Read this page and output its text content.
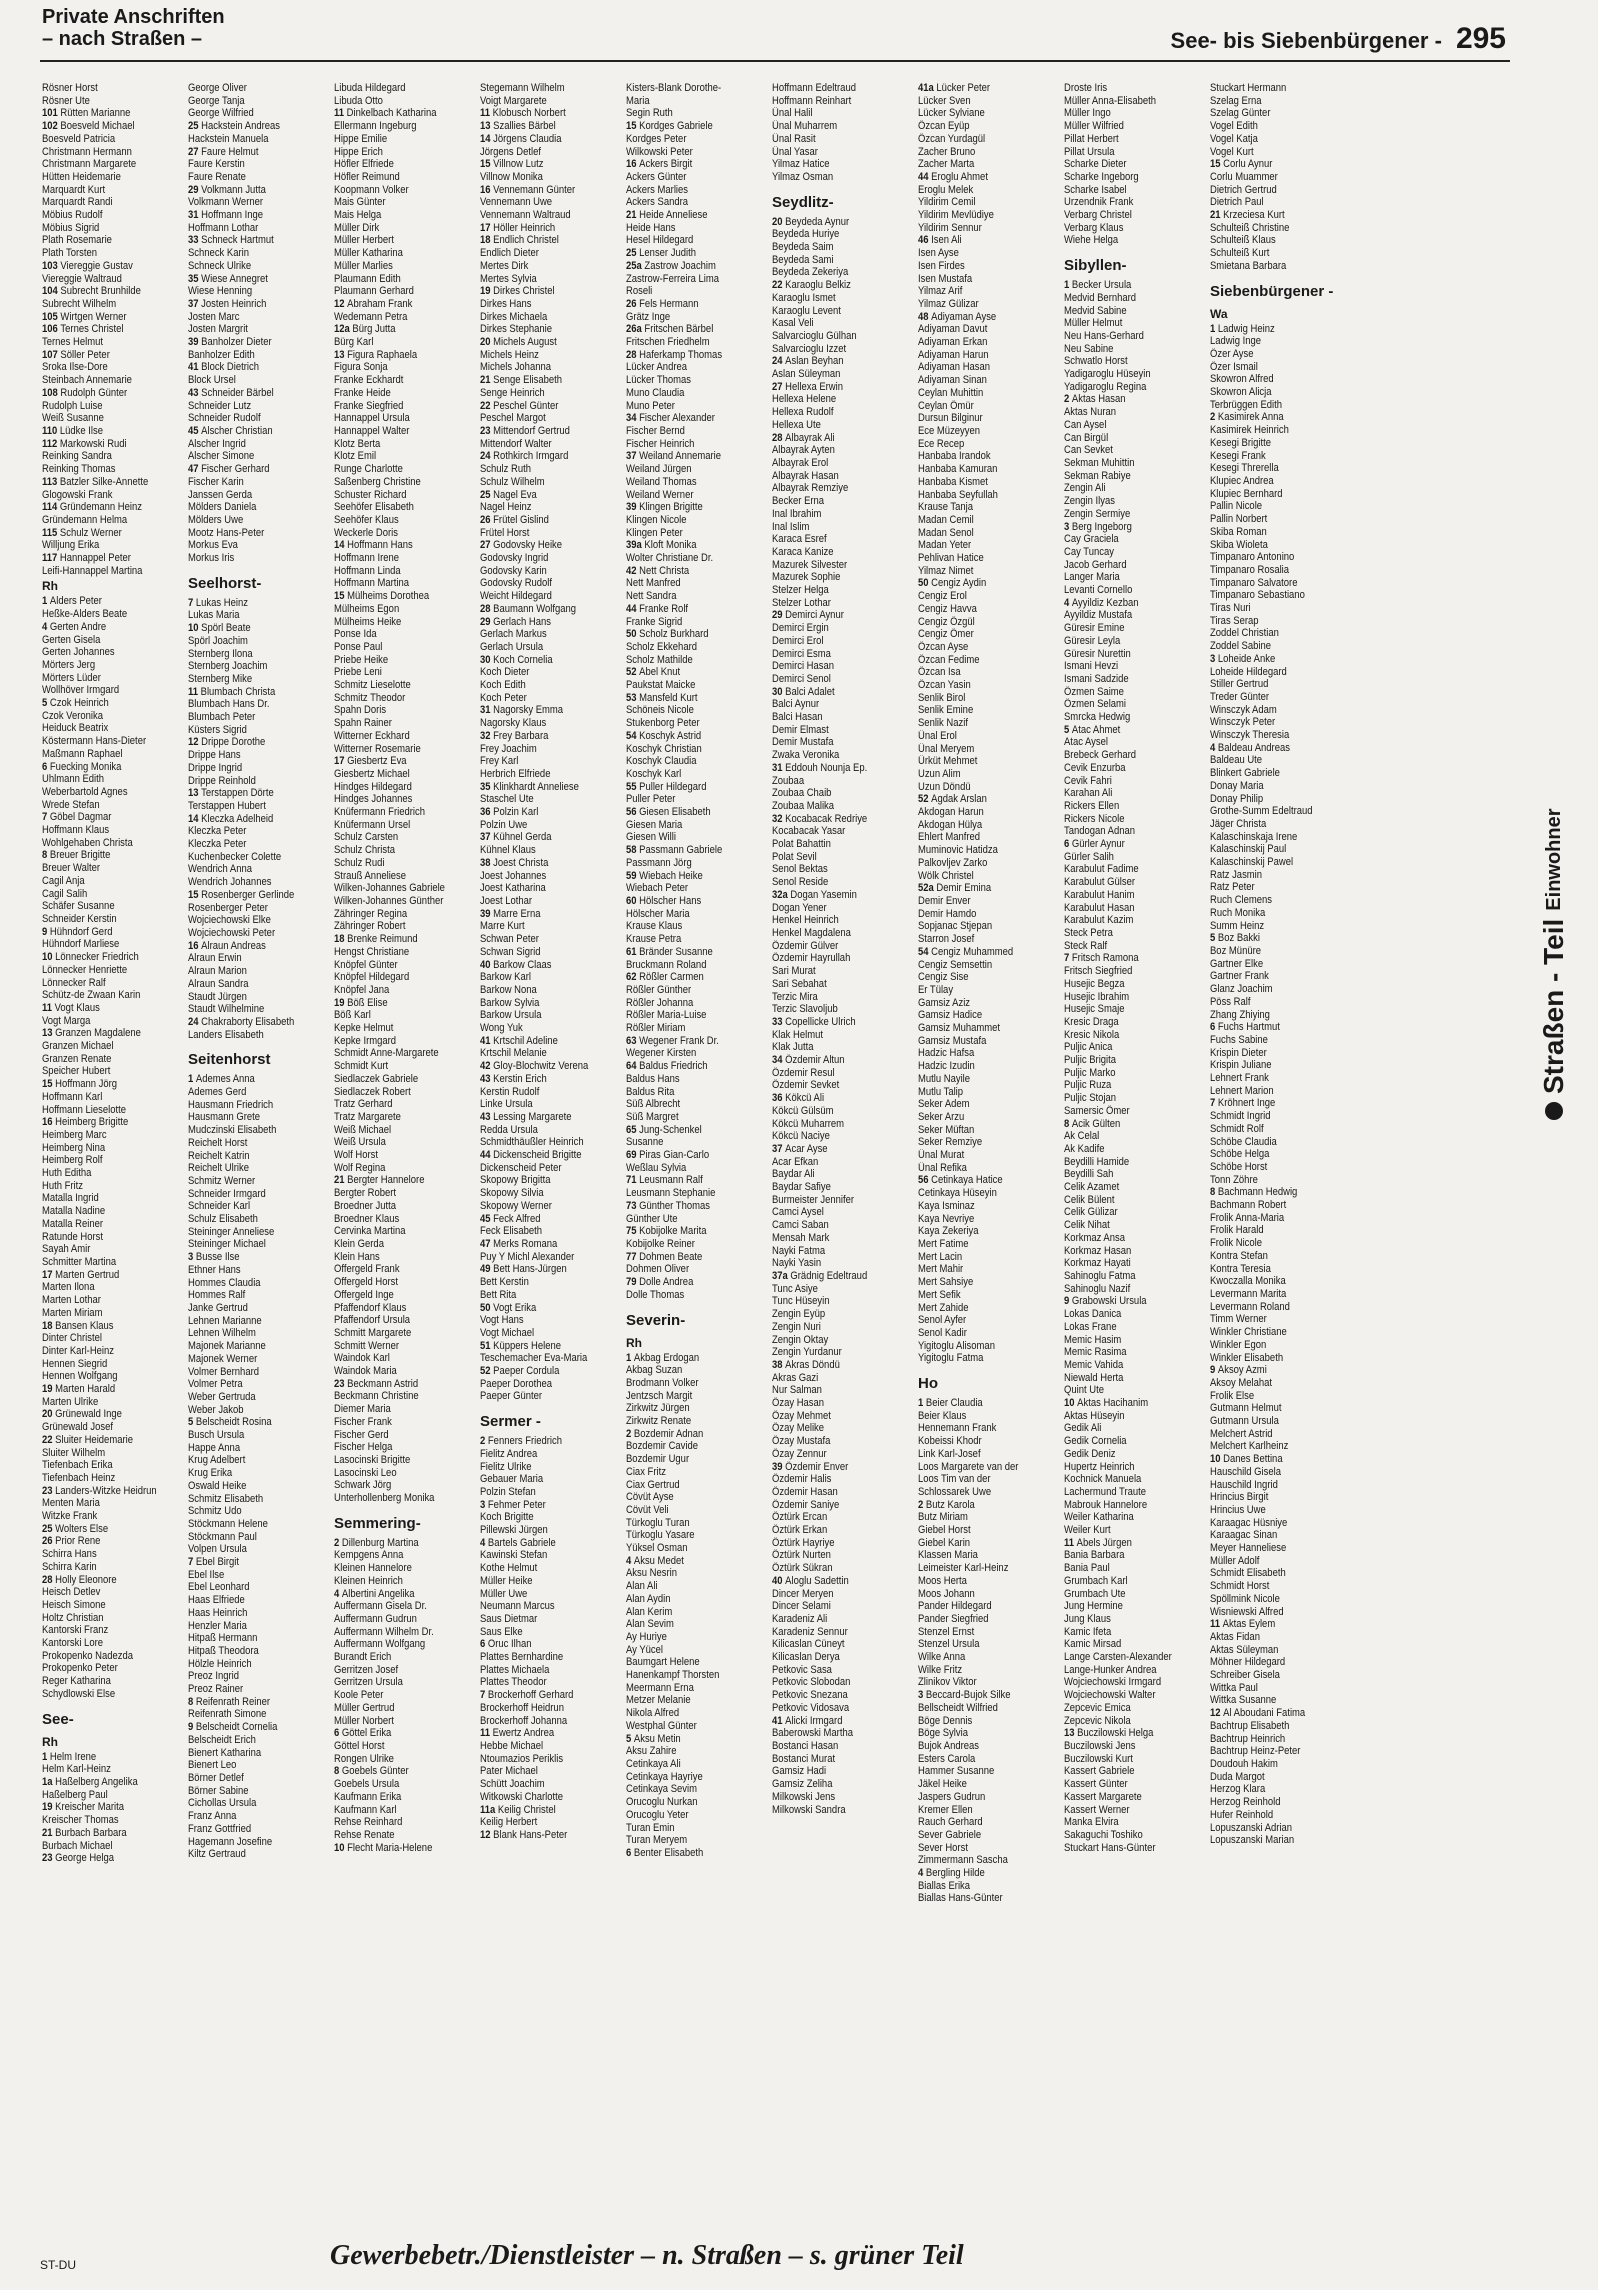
Private Anschriften
– nach Straßen –	See- bis Siebenbürgener - 295
Rösner Horst
Rösner Ute
101 Rütten Marianne
102 Boesveld Michael
Boesveld Patricia
Christmann Hermann
Christmann Margarete
Hütten Heidemarie
Marquardt Kurt
Marquardt Randi
Möbius Rudolf
Möbius Sigrid
Plath Rosemarie
Plath Torsten
103 Viereggie Gustav
Viereggie Waltraud
104 Subrecht Brunhilde
Subrecht Wilhelm
105 Wirtgen Werner
106 Ternes Christel
Ternes Helmut
107 Söller Peter
Sroka Ilse-Dore
Steinbach Annemarie
108 Rudolph Günter
Rudolph Luise
Weiß Susanne
110 Lüdke Ilse
112 Markowski Rudi
Reinking Sandra
Reinking Thomas
113 Batzler Silke-Annette
Glogowski Frank
114 Gründemann Heinz
Gründemann Helma
115 Schulz Werner
Willjung Erika
117 Hannappel Peter
Leifi-Hannappel Martina
Rh
1 Alders Peter
Heßke-Alders Beate
4 Gerten Andre
Gerten Gisela
Gerten Johannes
Mörters Jerg
Mörters Lüder
Wollhöver Irmgard
5 Czok Heinrich
Czok Veronika
Heiduck Beatrix
Köstermann Hans-Dieter
Maßmann Raphael
6 Fuecking Monika
Uhlmann Edith
Weberbartold Agnes
Wrede Stefan
7 Göbel Dagmar
Hoffmann Klaus
Wohlgehaben Christa
8 Breuer Brigitte
Breuer Walter
Cagil Anja
Cagil Salih
Schäfer Susanne
Schneider Kerstin
9 Hühndorf Gerd
Hühndorf Marliese
10 Lönnecker Friedrich
Lönnecker Henriette
Lönnecker Ralf
Schütz-de Zwaan Karin
11 Vogt Klaus
Vogt Marga
13 Granzen Magdalene
Granzen Michael
Granzen Renate
Speicher Hubert
15 Hoffmann Jörg
Hoffmann Karl
Hoffmann Lieselotte
16 Heimberg Brigitte
Heimberg Marc
Heimberg Nina
Heimberg Rolf
Huth Editha
Huth Fritz
Matalla Ingrid
Matalla Nadine
Matalla Reiner
Ratunde Horst
Sayah Amir
Schmitter Martina
17 Marten Gertrud
Marten Ilona
Marten Lothar
Marten Miriam
18 Bansen Klaus
Dinter Christel
Dinter Karl-Heinz
Hennen Siegrid
Hennen Wolfgang
19 Marten Harald
Marten Ulrike
20 Grünewald Inge
Grünewald Josef
22 Sluiter Heidemarie
Sluiter Wilhelm
Tiefenbach Erika
Tiefenbach Heinz
23 Landers-Witzke Heidrun
Menten Maria
Witzke Frank
25 Wolters Else
26 Prior Rene
Schirra Hans
Schirra Karin
28 Holly Eleonore
Heisch Detlev
Heisch Simone
Holtz Christian
Kantorski Franz
Kantorski Lore
Prokopenko Nadezda
Prokopenko Peter
Reger Katharina
Schydlowski Else
See-
Rh
1 Helm Irene
Helm Karl-Heinz
1a Haßelberg Angelika
Haßelberg Paul
19 Kreischer Marita
Kreischer Thomas
21 Burbach Barbara
Burbach Michael
23 George Helga
George Oliver
George Tanja
George Wilfried
25 Hackstein Andreas
Hackstein Manuela
27 Faure Helmut
Faure Kerstin
Faure Renate
29 Volkmann Jutta
Volkmann Werner
31 Hoffmann Inge
Hoffmann Lothar
33 Schneck Hartmut
Schneck Karin
Schneck Ulrike
35 Wiese Annegret
Wiese Henning
37 Josten Heinrich
Josten Marc
Josten Margrit
39 Banholzer Dieter
Banholzer Edith
41 Block Dietrich
Block Ursel
43 Schneider Bärbel
Schneider Lutz
Schneider Rudolf
45 Alscher Christian
Alscher Ingrid
Alscher Simone
47 Fischer Gerhard
Fischer Karin
Janssen Gerda
Mölders Daniela
Mölders Uwe
Mootz Hans-Peter
Morkus Eva
Morkus Iris
Seelhorst-
7 Lukas Heinz
Lukas Maria
10 Spörl Beate
Spörl Joachim
Sternberg Ilona
Sternberg Joachim
Sternberg Mike
11 Blumbach Christa
Blumbach Hans Dr.
Blumbach Peter
Küsters Sigrid
12 Drippe Dorothe
Drippe Hans
Drippe Ingrid
Drippe Reinhold
13 Terstappen Dörte
Terstappen Hubert
14 Kleczka Adelheid
Kleczka Peter
Kleczka Peter
Kuchenbecker Colette
Wendrich Anna
Wendrich Johannes
15 Rosenberger Gerlinde
Rosenberger Peter
Wojciechowski Elke
Wojciechowski Peter
16 Alraun Andreas
Alraun Erwin
Alraun Marion
Alraun Sandra
Staudt Jürgen
Staudt Wilhelmine
24 Chakraborty Elisabeth
Landers Elisabeth
Seitenhorst
1 Ademes Anna
Ademes Gerd
Hausmann Friedrich
Hausmann Grete
Mudczinski Elisabeth
Reichelt Horst
Reichelt Katrin
Reichelt Ulrike
Schmitz Werner
Schneider Irmgard
Schneider Karl
Schulz Elisabeth
Steininger Anneliese
Steininger Michael
3 Busse Ilse
Ethner Hans
Hommes Claudia
Hommes Ralf
Janke Gertrud
Lehnen Marianne
Lehnen Wilhelm
Majonek Marianne
Majonek Werner
Volmer Bernhard
Volmer Petra
Weber Gertruda
Weber Jakob
5 Belscheidt Rosina
Busch Ursula
Happe Anna
Krug Adelbert
Krug Erika
Oswald Heike
Schmitz Elisabeth
Schmitz Udo
Stöckmann Helene
Stöckmann Paul
Volpen Ursula
7 Ebel Birgit
Ebel Ilse
Ebel Leonhard
Haas Elfriede
Haas Heinrich
Henzler Maria
Hitpaß Hermann
Hitpaß Theodora
Hölzle Heinrich
Preoz Ingrid
Preoz Rainer
8 Reifenrath Reiner
Reifenrath Simone
9 Belscheidt Cornelia
Belscheidt Erich
Bienert Katharina
Bienert Leo
Börner Detlef
Börner Sabine
Cichollas Ursula
Franz Anna
Franz Gottfried
Hagemann Josefine
Kiltz Gertraud
Libuda Hildegard
Libuda Otto
11 Dinkelbach Katharina
Ellermann Ingeburg
Hippe Emilie
Hippe Erich
Höfler Elfriede
Höfler Reimund
Koopmann Volker
Mais Günter
Mais Helga
Müller Dirk
Müller Herbert
Müller Katharina
Müller Marlies
Plaumann Edith
Plaumann Gerhard
12 Abraham Frank
Wedemann Petra
12a Bürg Jutta
Bürg Karl
13 Figura Raphaela
Figura Sonja
Franke Eckhardt
Franke Heide
Franke Siegfried
Hannappel Ursula
Hannappel Walter
Klotz Berta
Klotz Emil
Runge Charlotte
Saßenberg Christine
Schuster Richard
Seehöfer Elisabeth
Seehöfer Klaus
Weckerle Doris
14 Hoffmann Hans
Hoffmann Irene
Hoffmann Linda
Hoffmann Martina
15 Mülheims Dorothea
Mülheims Egon
Mülheims Heike
Ponse Ida
Ponse Paul
Priebe Heike
Priebe Leni
Schmitz Lieselotte
Schmitz Theodor
Spahn Doris
Spahn Rainer
Witterner Eckhard
Witterner Rosemarie
17 Giesbertz Eva
Giesbertz Michael
Hindges Hildegard
Hindges Johannes
Knüfermann Friedrich
Knüfermann Ursel
Schulz Carsten
Schulz Christa
Schulz Rudi
Strauß Anneliese
Wilken-Johannes Gabriele
Wilken-Johannes Günther
Zähringer Regina
Zähringer Robert
18 Brenke Reimund
Hengst Christiane
Knöpfel Günter
Knöpfel Hildegard
Knöpfel Jana
19 Böß Elise
Böß Karl
Kepke Helmut
Kepke Irmgard
Schmidt Anne-Margarete
Schmidt Kurt
Siedlaczek Gabriele
Siedlaczek Robert
Tratz Gerhard
Tratz Margarete
Weiß Michael
Weiß Ursula
Wolf Horst
Wolf Regina
21 Bergter Hannelore
Bergter Robert
Broedner Jutta
Broedner Klaus
Cervinka Martina
Klein Gerda
Klein Hans
Offergeld Frank
Offergeld Horst
Offergeld Inge
Pfaffendorf Klaus
Pfaffendorf Ursula
Schmitt Margarete
Schmitt Werner
Waindok Karl
Waindok Maria
23 Beckmann Astrid
Beckmann Christine
Diemer Maria
Fischer Frank
Fischer Gerd
Fischer Helga
Lasocinski Brigitte
Lasocinski Leo
Schwark Jörg
Unterhollenberg Monika
Semmering-
2 Dillenburg Martina
Kempgens Anna
Kleinen Hannelore
Kleinen Heinrich
4 Albertini Angelika
Auffermann Gisela Dr.
Auffermann Gudrun
Auffermann Wilhelm Dr.
Auffermann Wolfgang
Burandt Erich
Gerritzen Josef
Gerritzen Ursula
Koole Peter
Müller Gertrud
Müller Norbert
6 Göttel Erika
Göttel Horst
Rongen Ulrike
8 Goebels Günter
Goebels Ursula
Kaufmann Erika
Kaufmann Karl
Rehse Reinhard
Rehse Renate
10 Flecht Maria-Helene
Stegemann Wilhelm
Voigt Margarete
11 Klobusch Norbert
13 Szallies Bärbel
14 Jörgens Claudia
Jörgens Detlef
15 Villnow Lutz
Villnow Monika
16 Vennemann Günter
Vennemann Uwe
Vennemann Waltraud
17 Höller Heinrich
18 Endlich Christel
Endlich Dieter
Mertes Dirk
Mertes Sylvia
19 Dirkes Christel
Dirkes Hans
Dirkes Michaela
Dirkes Stephanie
20 Michels August
Michels Heinz
Michels Johanna
21 Senge Elisabeth
Senge Heinrich
22 Peschel Günter
Peschel Margot
23 Mittendorf Gertrud
Mittendorf Walter
24 Rothkirch Irmgard
Schulz Ruth
Schulz Wilhelm
25 Nagel Eva
Nagel Heinz
26 Frütel Gislind
Frütel Horst
27 Godovsky Heike
Godovsky Ingrid
Godovsky Karin
Godovsky Rudolf
Weicht Hildegard
28 Baumann Wolfgang
29 Gerlach Hans
Gerlach Markus
Gerlach Ursula
30 Koch Cornelia
Koch Dieter
Koch Edith
Koch Peter
31 Nagorsky Emma
Nagorsky Klaus
32 Frey Barbara
Frey Joachim
Frey Karl
Herbrich Elfriede
35 Klinkhardt Anneliese
Staschel Ute
36 Polzin Karl
Polzin Uwe
37 Kühnel Gerda
Kühnel Klaus
38 Joest Christa
Joest Johannes
Joest Katharina
Joest Lothar
39 Marre Erna
Marre Kurt
Schwan Peter
Schwan Sigrid
40 Barkow Claas
Barkow Karl
Barkow Nona
Barkow Sylvia
Barkow Ursula
Wong Yuk
41 Krtschil Adeline
Krtschil Melanie
42 Gloy-Blochwitz Verena
43 Kerstin Erich
Kerstin Rudolf
Linke Ursula
43 Lessing Margarete
Redda Ursula
Schmidthäußler Heinrich
44 Dickenscheid Brigitte
Dickenscheid Peter
Skopowy Brigitta
Skopowy Silvia
Skopowy Werner
45 Feck Alfred
Feck Elisabeth
47 Merks Romana
Puy Y Michl Alexander
49 Bett Hans-Jürgen
Bett Kerstin
Bett Rita
50 Vogt Erika
Vogt Hans
Vogt Michael
51 Küppers Helene
Teschemacher Eva-Maria
52 Paeper Cordula
Paeper Dorothea
Paeper Günter
Sermer -
2 Fenners Friedrich
Fielitz Andrea
Fielitz Ulrike
Gebauer Maria
Polzin Stefan
3 Fehmer Peter
Koch Brigitte
Pillewski Jürgen
4 Bartels Gabriele
Kawinski Stefan
Kothe Helmut
Müller Heike
Müller Uwe
Neumann Marcus
Saus Dietmar
Saus Elke
6 Oruc Ilhan
Plattes Bernhardine
Plattes Michaela
Plattes Theodor
7 Brockerhoff Gerhard
Brockerhoff Heidrun
Brockerhoff Johanna
11 Ewertz Andrea
Hebbe Michael
Ntoumazios Periklis
Pater Michael
Schütt Joachim
Witkowski Charlotte
11a Keilig Christel
Keilig Herbert
12 Blank Hans-Peter
Kisters-Blank Dorothe-
Maria
Segin Ruth
15 Kordges Gabriele
Kordges Peter
Wilkowski Peter
16 Ackers Birgit
Ackers Günter
Ackers Marlies
Ackers Sandra
21 Heide Anneliese
Heide Hans
Hesel Hildegard
25 Lenser Judith
25a Zastrow Joachim
Zastrow-Ferreira Lima
Roseli
26 Fels Hermann
Grätz Inge
26a Fritschen Bärbel
Fritschen Friedhelm
28 Haferkamp Thomas
Lücker Andrea
Lücker Thomas
Muno Claudia
Muno Peter
34 Fischer Alexander
Fischer Bernd
Fischer Heinrich
37 Weiland Annemarie
Weiland Jürgen
Weiland Thomas
Weiland Werner
39 Klingen Brigitte
Klingen Nicole
Klingen Peter
39a Kloft Monika
Wolter Christiane Dr.
42 Nett Christa
Nett Manfred
Nett Sandra
44 Franke Rolf
Franke Sigrid
50 Scholz Burkhard
Scholz Ekkehard
Scholz Mathilde
52 Abel Knut
Paukstat Maicke
53 Mansfeld Kurt
Schöneis Nicole
Stukenborg Peter
54 Koschyk Astrid
Koschyk Christian
Koschyk Claudia
Koschyk Karl
55 Puller Hildegard
Puller Peter
56 Giesen Elisabeth
Giesen Maria
Giesen Willi
58 Passmann Gabriele
Passmann Jörg
59 Wiebach Heike
Wiebach Peter
60 Hölscher Hans
Hölscher Maria
Krause Klaus
Krause Petra
61 Bränder Susanne
Bruckmann Roland
62 Rößler Carmen
Rößler Günther
Rößler Johanna
Rößler Maria-Luise
Rößler Miriam
63 Wegener Frank Dr.
Wegener Kirsten
64 Baldus Friedrich
Baldus Hans
Baldus Rita
Süß Albrecht
Süß Margret
65 Jung-Schenkel
Susanne
69 Piras Gian-Carlo
Weßlau Sylvia
71 Leusmann Ralf
Leusmann Stephanie
73 Günther Thomas
Günther Ute
75 Kobijolke Marita
Kobijolke Reiner
77 Dohmen Beate
Dohmen Oliver
79 Dolle Andrea
Dolle Thomas
Severin-
Rh
1 Akbag Erdogan
Akbag Suzan
Brodmann Volker
Jentzsch Margit
Zirkwitz Jürgen
Zirkwitz Renate
2 Bozdemir Adnan
Bozdemir Cavide
Bozdemir Ugur
Ciax Fritz
Ciax Gertrud
Cövüt Ayse
Cövüt Veli
Türkoglu Turan
Türkoglu Yasare
Yüksel Osman
4 Aksu Medet
Aksu Nesrin
Alan Ali
Alan Aydin
Alan Kerim
Alan Sevim
Ay Huriye
Ay Yücel
Baumgart Helene
Hanenkampf Thorsten
Meermann Erna
Metzer Melanie
Nikola Alfred
Westphal Günter
5 Aksu Metin
Aksu Zahire
Cetinkaya Ali
Cetinkaya Hayriye
Cetinkaya Sevim
Orucoglu Nurkan
Orucoglu Yeter
Turan Emin
Turan Meryem
6 Benter Elisabeth
Hoffmann Edeltraud
Hoffmann Reinhart
Ünal Halil
Ünal Muharrem
Ünal Rasit
Ünal Yasar
Yilmaz Hatice
Yilmaz Osman
Seydlitz-
20 Beydeda Aynur
Beydeda Huriye
Beydeda Saim
Beydeda Sami
Beydeda Zekeriya
22 Karaoglu Belkiz
Karaoglu Ismet
Karaoglu Levent
Kasal Veli
Salvarcioglu Gülhan
Salvarcioglu Izzet
24 Aslan Beyhan
Aslan Süleyman
27 Hellexa Erwin
Hellexa Helene
Hellexa Rudolf
Hellexa Ute
28 Albayrak Ali
Albayrak Ayten
Albayrak Erol
Albayrak Hasan
Albayrak Remziye
Becker Erna
Inal Ibrahim
Inal Islim
Karaca Esref
Karaca Kanize
Mazurek Silvester
Mazurek Sophie
Stelzer Helga
Stelzer Lothar
29 Demirci Aynur
Demirci Ergin
Demirci Erol
Demirci Esma
Demirci Hasan
Demirci Senol
30 Balci Adalet
Balci Aynur
Balci Hasan
Demir Elmast
Demir Mustafa
Zwaka Veronika
31 Eddouh Nounja Ep.
Zoubaa
Zoubaa Chaib
Zoubaa Malika
32 Kocabacak Redriye
Kocabacak Yasar
Polat Bahattin
Polat Sevil
Senol Bektas
Senol Reside
32a Dogan Yasemin
Dogan Yener
Henkel Heinrich
Henkel Magdalena
Özdemir Gülver
Özdemir Hayrullah
Sari Murat
Sari Sebahat
Terzic Mira
Terzic Slavoljub
33 Copellicke Ulrich
Klak Helmut
Klak Jutta
34 Özdemir Altun
Özdemir Resul
Özdemir Sevket
36 Kökcü Ali
Kökcü Gülsüm
Kökcü Muharrem
Kökcü Naciye
37 Acar Ayse
Acar Efkan
Baydar Ali
Baydar Safiye
Burmeister Jennifer
Camci Aysel
Camci Saban
Mensah Mark
Nayki Fatma
Nayki Yasin
37a Grädnig Edeltraud
Tunc Asiye
Tunc Hüseyin
Zengin Eyüp
Zengin Nuri
Zengin Oktay
Zengin Yurdanur
38 Akras Döndü
Akras Gazi
Nur Salman
Özay Hasan
Özay Mehmet
Özay Melike
Özay Mustafa
Özay Zennur
39 Özdemir Enver
Özdemir Halis
Özdemir Hasan
Özdemir Saniye
Öztürk Ercan
Öztürk Erkan
Öztürk Hayriye
Öztürk Nurten
Öztürk Sükran
40 Aloglu Sadettin
Dincer Meryen
Dincer Selami
Karadeniz Ali
Karadeniz Sennur
Kilicaslan Cüneyt
Kilicaslan Derya
Petkovic Sasa
Petkovic Slobodan
Petkovic Snezana
Petkovic Vidosava
41 Alicki Irmgard
Baberowski Martha
Bostanci Hasan
Bostanci Murat
Gamsiz Hadi
Gamsiz Zeliha
Milkowski Jens
Milkowski Sandra
41a Lücker Peter
Lücker Sven
Lücker Sylviane
Özcan Eyüp
Özcan Yurdagül
Zacher Bruno
Zacher Marta
44 Eroglu Ahmet
Eroglu Melek
Yildirim Cemil
Yildirim Mevlüdiye
Yildirim Sennur
46 Isen Ali
Isen Ayse
Isen Firdes
Isen Mustafa
Yilmaz Arif
Yilmaz Gülizar
48 Adiyaman Ayse
Adiyaman Davut
Adiyaman Erkan
Adiyaman Harun
Adiyaman Hasan
Adiyaman Sinan
Ceylan Muhittin
Ceylan Ömür
Dursun Bilginur
Ece Müzeyyen
Ece Recep
Hanbaba Irandok
Hanbaba Kamuran
Hanbaba Kismet
Hanbaba Seyfullah
Krause Tanja
Madan Cemil
Madan Senol
Madan Yeter
Pehlivan Hatice
Yilmaz Nimet
50 Cengiz Aydin
Cengiz Erol
Cengiz Havva
Cengiz Özgül
Cengiz Ömer
Özcan Ayse
Özcan Fedime
Özcan Isa
Özcan Yasin
Senlik Birol
Senlik Emine
Senlik Nazif
Ünal Erol
Ünal Meryem
Ürküt Mehmet
Uzun Alim
Uzun Döndü
52 Agdak Arslan
Akdogan Harun
Akdogan Hülya
Ehlert Manfred
Muminovic Hatidza
Palkovljev Zarko
Wölk Christel
52a Demir Emina
Demir Enver
Demir Hamdo
Sopjanac Stjepan
Starron Josef
54 Cengiz Muhammed
Cengiz Semsettin
Cengiz Sise
Er Tülay
Gamsiz Aziz
Gamsiz Hadice
Gamsiz Muhammet
Gamsiz Mustafa
Hadzic Hafsa
Hadzic Izudin
Mutlu Nayile
Mutlu Talip
Seker Adem
Seker Arzu
Seker Müftan
Seker Remziye
Ünal Murat
Ünal Refika
56 Cetinkaya Hatice
Cetinkaya Hüseyin
Kaya Isminaz
Kaya Nevriye
Kaya Zekeriya
Mert Fatime
Mert Lacin
Mert Mahir
Mert Sahsiye
Mert Sefik
Mert Zahide
Senol Ayfer
Senol Kadir
Yigitoglu Alisoman
Yigitoglu Fatma
Ho
1 Beier Claudia
Beier Klaus
Hennemann Frank
Kobeissi Khodr
Link Karl-Josef
Loos Margarete van der
Loos Tim van der
Schlossarek Uwe
2 Butz Karola
Butz Miriam
Giebel Horst
Giebel Karin
Klassen Maria
Leimeister Karl-Heinz
Moos Herta
Moos Johann
Pander Hildegard
Pander Siegfried
Stenzel Ernst
Stenzel Ursula
Wilke Anna
Wilke Fritz
Zlinikov Viktor
3 Beccard-Bujok Silke
Bellscheidt Wilfried
Böge Dennis
Böge Sylvia
Bujok Andreas
Esters Carola
Hammer Susanne
Jäkel Heike
Jaspers Gudrun
Kremer Ellen
Rauch Gerhard
Sever Gabriele
Sever Horst
Zimmermann Sascha
4 Bergling Hilde
Biallas Erika
Biallas Hans-Günter
Droste Iris
Müller Anna-Elisabeth
Müller Ingo
Müller Wilfried
Pillat Herbert
Pillat Ursula
Scharke Dieter
Scharke Ingeborg
Scharke Isabel
Urzendnik Frank
Verbarg Christel
Verbarg Klaus
Wiehe Helga
Sibyllen-
1 Becker Ursula
Medvid Bernhard
Medvid Sabine
Müller Helmut
Neu Hans-Gerhard
Neu Sabine
Schwatlo Horst
Yadigaroglu Hüseyin
Yadigaroglu Regina
2 Aktas Hasan
Aktas Nuran
Can Aysel
Can Birgül
Can Sevket
Sekman Muhittin
Sekman Rabiye
Zengin Ali
Zengin Ilyas
Zengin Sermiye
3 Berg Ingeborg
Cay Graciela
Cay Tuncay
Jacob Gerhard
Langer Maria
Levanti Cornello
4 Ayyildiz Kezban
Ayyildiz Mustafa
Güresir Emine
Güresir Leyla
Güresir Nurettin
Ismani Hevzi
Ismani Sadzide
Özmen Saime
Özmen Selami
Smrcka Hedwig
5 Atac Ahmet
Atac Aysel
Brebeck Gerhard
Cevik Enzurba
Cevik Fahri
Karahan Ali
Rickers Ellen
Rickers Nicole
Tandogan Adnan
6 Gürler Aynur
Gürler Salih
Karabulut Fadime
Karabulut Gülser
Karabulut Hanim
Karabulut Hasan
Karabulut Kazim
Steck Petra
Steck Ralf
7 Fritsch Ramona
Fritsch Siegfried
Husejic Begza
Husejic Ibrahim
Husejic Smaje
Kresic Draga
Kresic Nikola
Puljic Anica
Puljic Brigita
Puljic Marko
Puljic Ruza
Puljic Stojan
Samersic Ömer
8 Acik Gülten
Ak Celal
Ak Kadife
Beydilli Hamide
Beydilli Sah
Celik Azamet
Celik Bülent
Celik Gülizar
Celik Nihat
Korkmaz Ansa
Korkmaz Hasan
Korkmaz Hayati
Sahinoglu Fatma
Sahinoglu Nazif
9 Grabowski Ursula
Lokas Danica
Lokas Frane
Memic Hasim
Memic Rasima
Memic Vahida
Niewald Herta
Quint Ute
10 Aktas Hacihanim
Aktas Hüseyin
Gedik Ali
Gedik Cornelia
Gedik Deniz
Hupertz Heinrich
Kochnick Manuela
Lachermund Traute
Mabrouk Hannelore
Weiler Katharina
Weiler Kurt
11 Abels Jürgen
Bania Barbara
Bania Paul
Grumbach Karl
Grumbach Ute
Jung Hermine
Jung Klaus
Kamic Ifeta
Kamic Mirsad
Lange Carsten-Alexander
Lange-Hunker Andrea
Wojciechowski Irmgard
Wojciechowski Walter
Zepcevic Emica
Zepcevic Nikola
13 Buczilowski Helga
Buczilowski Jens
Buczilowski Kurt
Kassert Gabriele
Kassert Günter
Kassert Margarete
Kassert Werner
Manka Elvira
Sakaguchi Toshiko
Stuckart Hans-Günter
Stuckart Hermann
Szelag Erna
Szelag Günter
Vogel Edith
Vogel Katja
Vogel Kurt
15 Corlu Aynur
Corlu Muammer
Dietrich Gertrud
Dietrich Paul
21 Krzeciesa Kurt
Schulteiß Christine
Schulteiß Klaus
Schulteiß Kurt
Smietana Barbara
Siebenbürgener -
Wa
1 Ladwig Heinz
Ladwig Inge
Özer Ayse
Özer Ismail
Skowron Alfred
Skowron Alicja
Terbrüggen Edith
2 Kasimirek Anna
Kasimirek Heinrich
Kesegi Brigitte
Kesegi Frank
Kesegi Threrella
Klupiec Andrea
Klupiec Bernhard
Pallin Nicole
Pallin Norbert
Skiba Roman
Skiba Wioleta
Timpanaro Antonino
Timpanaro Rosalia
Timpanaro Salvatore
Timpanaro Sebastiano
Tiras Nuri
Tiras Serap
Zoddel Christian
Zoddel Sabine
3 Loheide Anke
Loheide Hildegard
Stiller Gertrud
Treder Günter
Winsczyk Adam
Winsczyk Peter
Winsczyk Theresia
4 Baldeau Andreas
Baldeau Ute
Blinkert Gabriele
Donay Maria
Donay Philip
Grothe-Summ Edeltraud
Jäger Christa
Kalaschinskaja Irene
Kalaschinskij Paul
Kalaschinskij Pawel
Ratz Jasmin
Ratz Peter
Ruch Clemens
Ruch Monika
Summ Heinz
5 Boz Bakki
Boz Münüre
Gartner Elke
Gartner Frank
Glanz Joachim
Pöss Ralf
Zhang Zhiying
6 Fuchs Hartmut
Fuchs Sabine
Krispin Dieter
Krispin Juliane
Lehnert Frank
Lehnert Marion
7 Kröhnert Inge
Schmidt Ingrid
Schmidt Rolf
Schöbe Claudia
Schöbe Helga
Schöbe Horst
Tonn Zöhre
8 Bachmann Hedwig
Bachmann Robert
Frolik Anna-Maria
Frolik Harald
Frolik Nicole
Kontra Stefan
Kontra Teresia
Kwoczalla Monika
Levermann Marita
Levermann Roland
Timm Werner
Winkler Christiane
Winkler Egon
Winkler Elisabeth
9 Aksoy Azmi
Aksoy Melahat
Frolik Else
Gutmann Helmut
Gutmann Ursula
Melchert Astrid
Melchert Karlheinz
10 Danes Bettina
Hauschild Gisela
Hauschild Ingrid
Hrincius Birgit
Hrincius Uwe
Karaagac Hüsniye
Karaagac Sinan
Meyer Hanneliese
Müller Adolf
Schmidt Elisabeth
Schmidt Horst
Spöllmink Nicole
Wisniewski Alfred
11 Aktas Eylem
Aktas Fidan
Aktas Süleyman
Möhner Hildegard
Schreiber Gisela
Wittka Paul
Wittka Susanne
12 Al Aboudani Fatima
Bachtrup Elisabeth
Bachtrup Heinrich
Bachtrup Heinz-Peter
Doudouh Hakim
Duda Margot
Herzog Klara
Herzog Reinhold
Hufer Reinhold
Lopuszanski Adrian
Lopuszanski Marian
Straßen - Teil
Einwohner
ST-DU	Gewerbebetr./Dienstleister – n. Straßen – s. grüner Teil
